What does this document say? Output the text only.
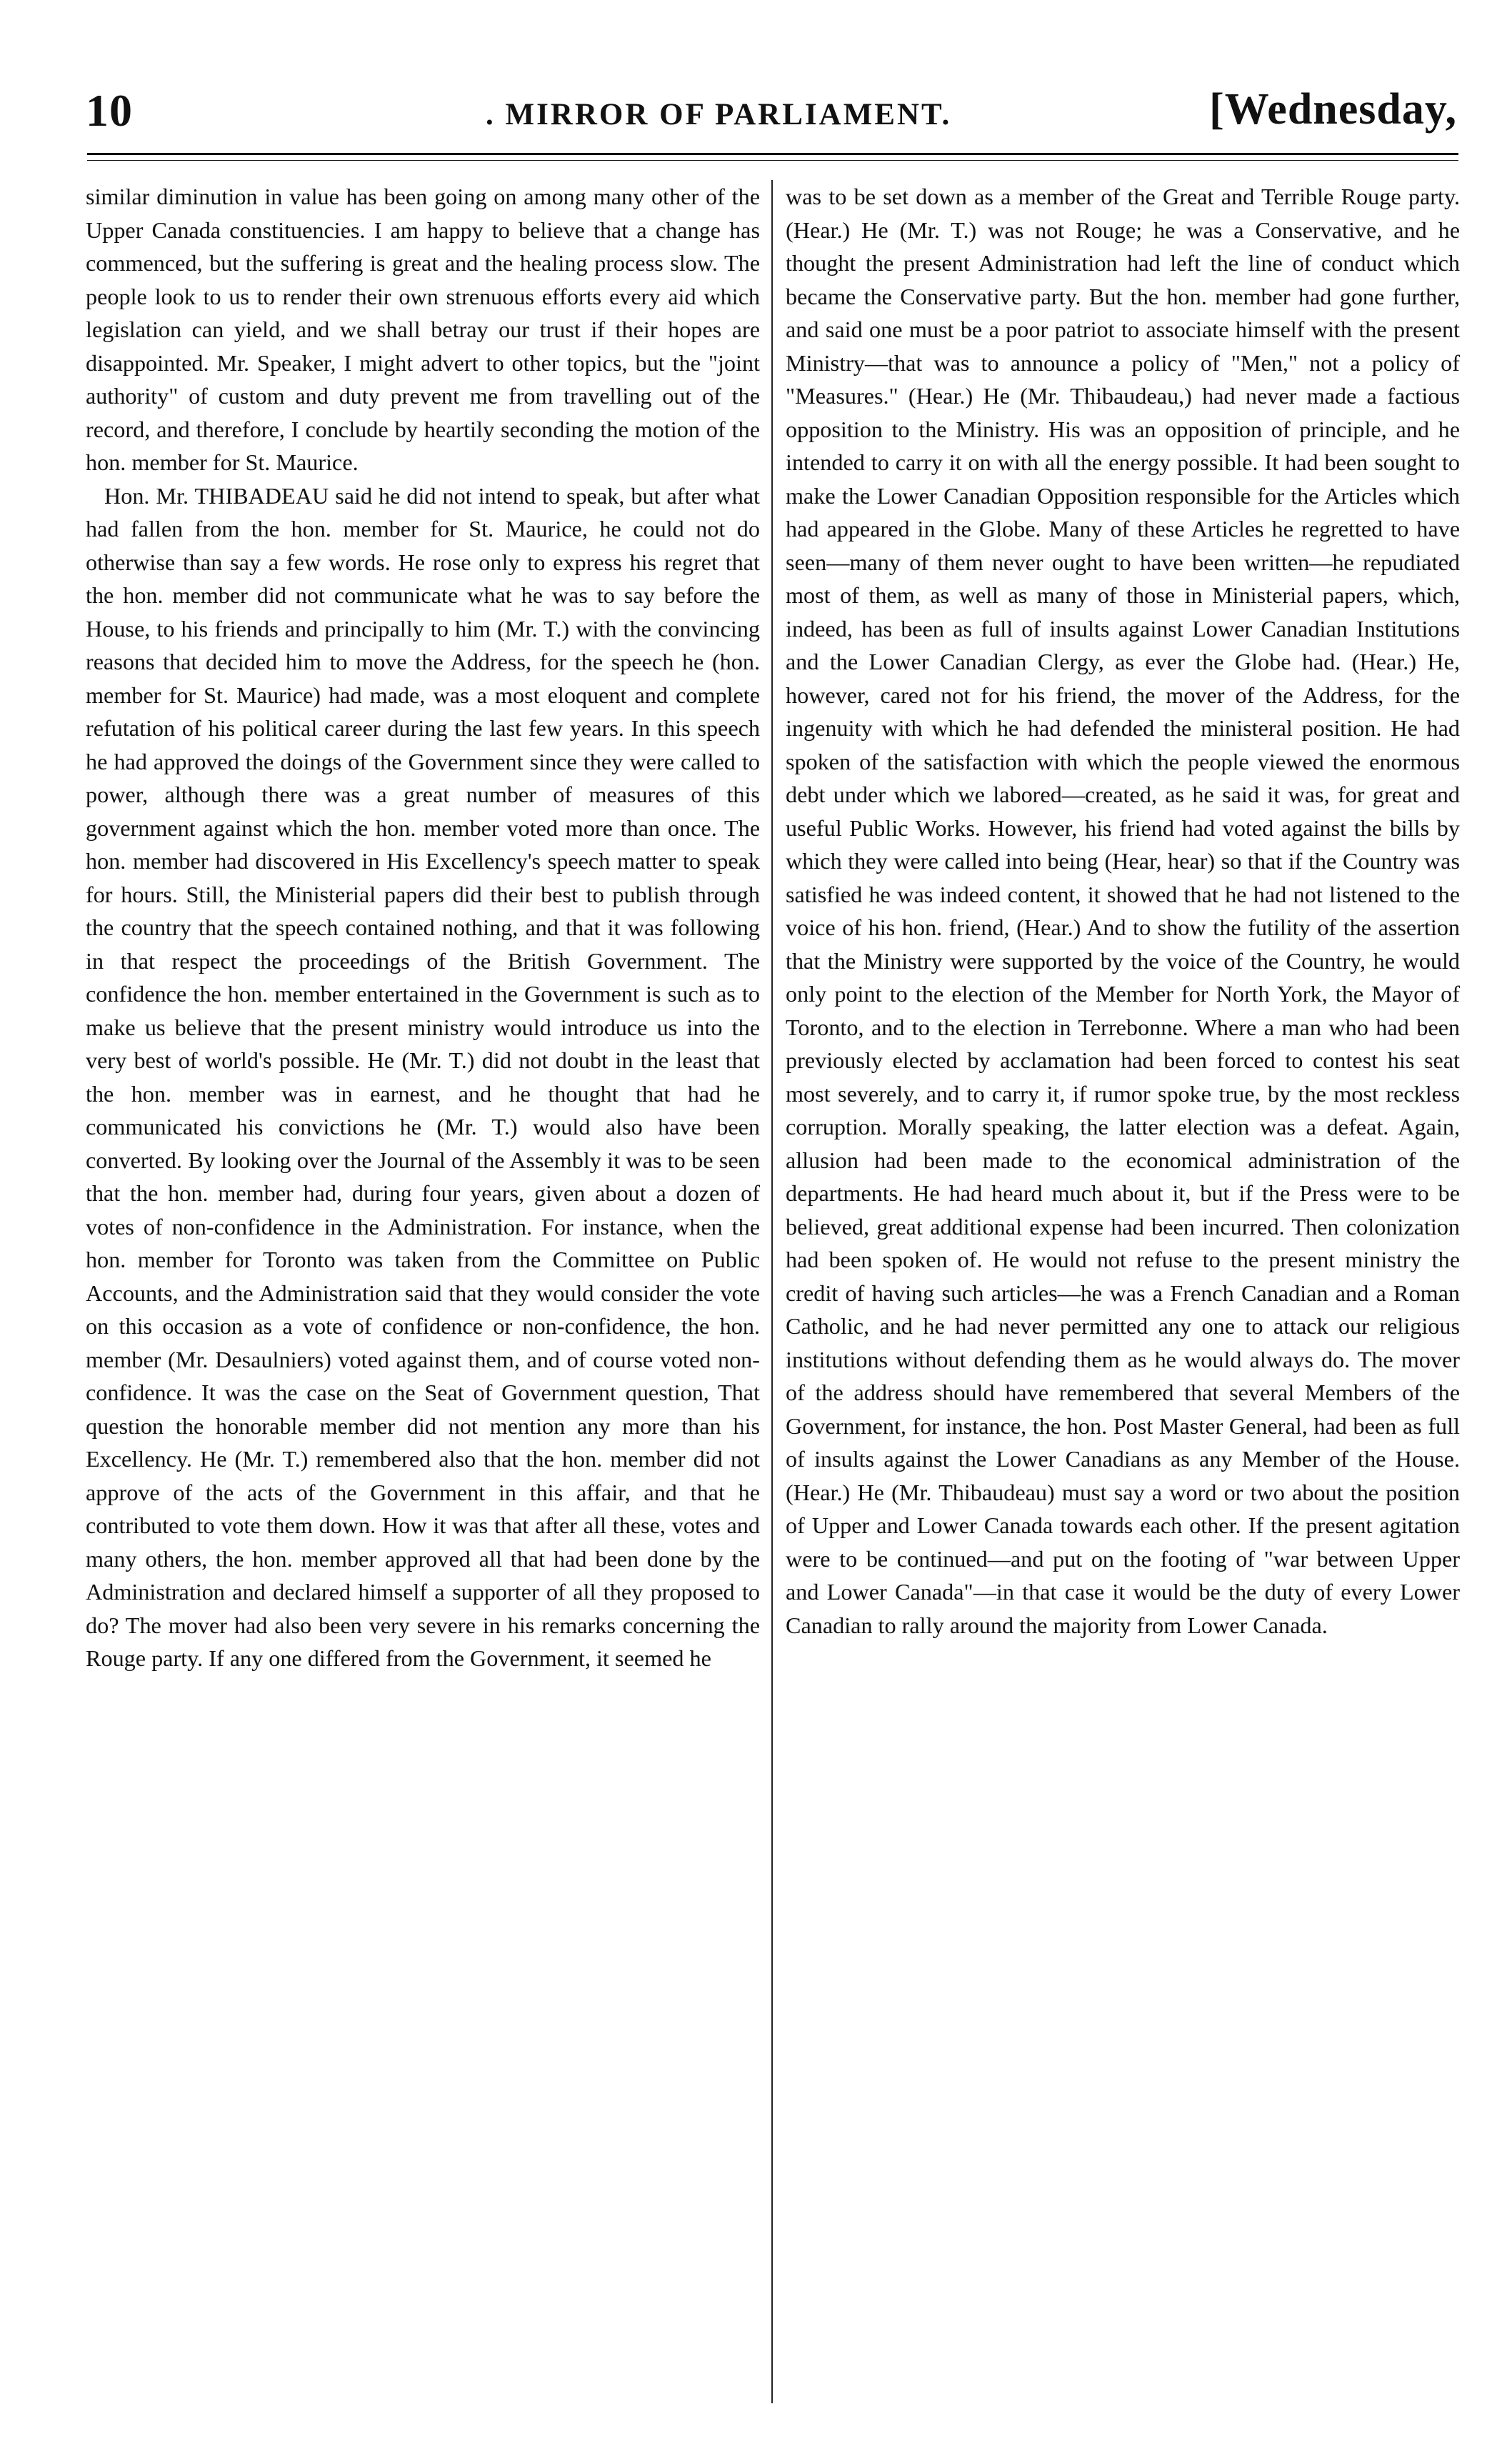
10	. MIRROR OF PARLIAMENT.	[Wednesday,

similar diminution in value has been going on among many other of the Upper Canada constituencies. I am happy to believe that a change has commenced, but the suffering is great and the healing process slow. The people look to us to render their own strenuous efforts every aid which legislation can yield, and we shall betray our trust if their hopes are disappointed. Mr. Speaker, I might advert to other topics, but the "joint authority" of custom and duty prevent me from travelling out of the record, and therefore, I conclude by heartily seconding the motion of the hon. member for St. Maurice.

Hon. Mr. THIBADEAU said he did not intend to speak, but after what had fallen from the hon. member for St. Maurice, he could not do otherwise than say a few words. He rose only to express his regret that the hon. member did not communicate what he was to say before the House, to his friends and principally to him (Mr. T.) with the convincing reasons that decided him to move the Address, for the speech he (hon. member for St. Maurice) had made, was a most eloquent and complete refutation of his political career during the last few years. In this speech he had approved the doings of the Government since they were called to power, although there was a great number of measures of this government against which the hon. member voted more than once. The hon. member had discovered in His Excellency's speech matter to speak for hours. Still, the Ministerial papers did their best to publish through the country that the speech contained nothing, and that it was following in that respect the proceedings of the British Government. The confidence the hon. member entertained in the Government is such as to make us believe that the present ministry would introduce us into the very best of world's possible. He (Mr. T.) did not doubt in the least that the hon. member was in earnest, and he thought that had he communicated his convictions he (Mr. T.) would also have been converted. By looking over the Journal of the Assembly it was to be seen that the hon. member had, during four years, given about a dozen of votes of non-confidence in the Administration. For instance, when the hon. member for Toronto was taken from the Committee on Public Accounts, and the Administration said that they would consider the vote on this occasion as a vote of confidence or non-confidence, the hon. member (Mr. Desaulniers) voted against them, and of course voted non-confidence. It was the case on the Seat of Government question, That question the honorable member did not mention any more than his Excellency. He (Mr. T.) remembered also that the hon. member did not approve of the acts of the Government in this affair, and that he contributed to vote them down. How it was that after all these, votes and many others, the hon. member approved all that had been done by the Administration and declared himself a supporter of all they proposed to do? The mover had also been very severe in his remarks concerning the Rouge party. If any one differed from the Government, it seemed he

was to be set down as a member of the Great and Terrible Rouge party. (Hear.) He (Mr. T.) was not Rouge; he was a Conservative, and he thought the present Administration had left the line of conduct which became the Conservative party. But the hon. member had gone further, and said one must be a poor patriot to associate himself with the present Ministry—that was to announce a policy of "Men," not a policy of "Measures." (Hear.) He (Mr. Thibaudeau,) had never made a factious opposition to the Ministry. His was an opposition of principle, and he intended to carry it on with all the energy possible. It had been sought to make the Lower Canadian Opposition responsible for the Articles which had appeared in the Globe. Many of these Articles he regretted to have seen—many of them never ought to have been written—he repudiated most of them, as well as many of those in Ministerial papers, which, indeed, has been as full of insults against Lower Canadian Institutions and the Lower Canadian Clergy, as ever the Globe had. (Hear.) He, however, cared not for his friend, the mover of the Address, for the ingenuity with which he had defended the ministeral position. He had spoken of the satisfaction with which the people viewed the enormous debt under which we labored—created, as he said it was, for great and useful Public Works. However, his friend had voted against the bills by which they were called into being (Hear, hear) so that if the Country was satisfied he was indeed content, it showed that he had not listened to the voice of his hon. friend, (Hear.) And to show the futility of the assertion that the Ministry were supported by the voice of the Country, he would only point to the election of the Member for North York, the Mayor of Toronto, and to the election in Terrebonne. Where a man who had been previously elected by acclamation had been forced to contest his seat most severely, and to carry it, if rumor spoke true, by the most reckless corruption. Morally speaking, the latter election was a defeat. Again, allusion had been made to the economical administration of the departments. He had heard much about it, but if the Press were to be believed, great additional expense had been incurred. Then colonization had been spoken of. He would not refuse to the present ministry the credit of having such articles—he was a French Canadian and a Roman Catholic, and he had never permitted any one to attack our religious institutions without defending them as he would always do. The mover of the address should have remembered that several Members of the Government, for instance, the hon. Post Master General, had been as full of insults against the Lower Canadians as any Member of the House. (Hear.) He (Mr. Thibaudeau) must say a word or two about the position of Upper and Lower Canada towards each other. If the present agitation were to be continued—and put on the footing of "war between Upper and Lower Canada"—in that case it would be the duty of every Lower Canadian to rally around the majority from Lower Canada.
